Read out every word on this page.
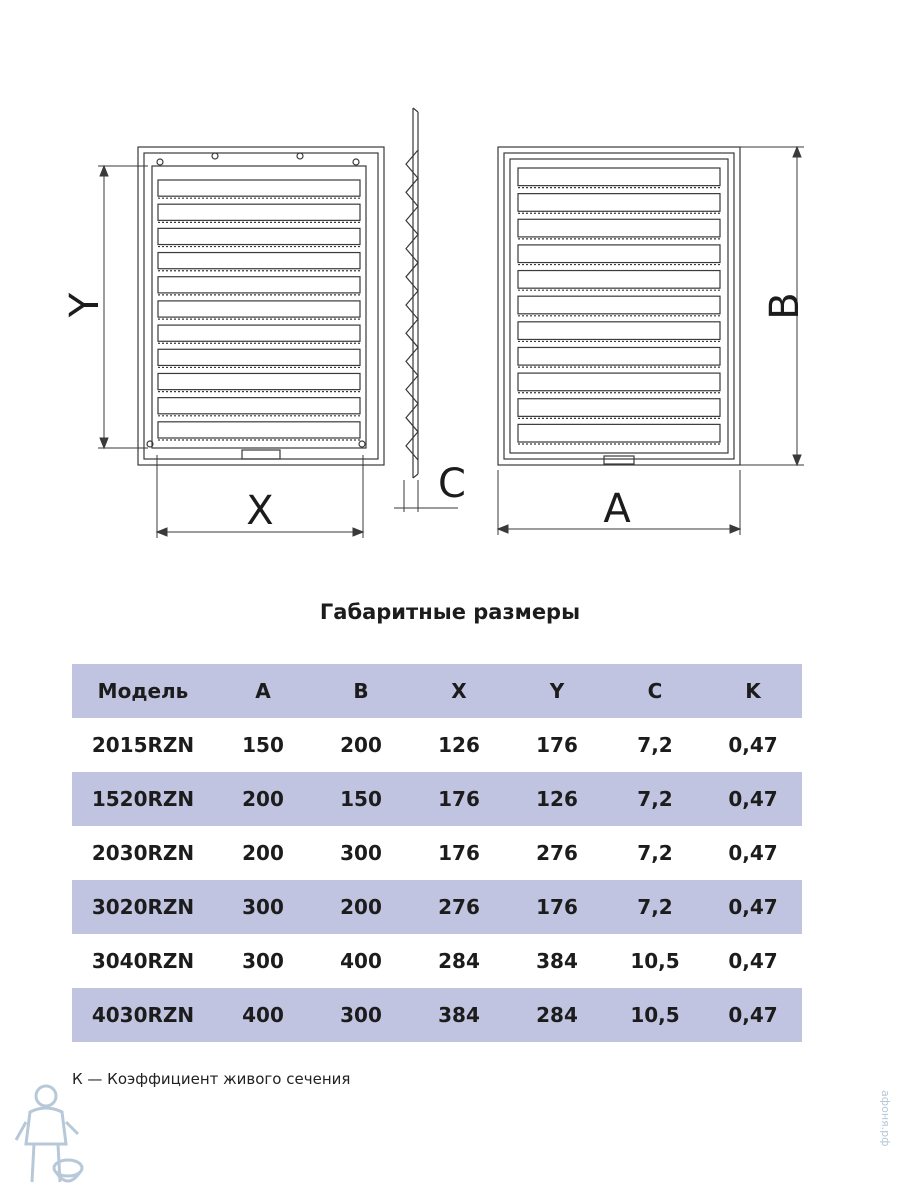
Y
X
C
B
A
Габаритные размеры
Модель	A	B	X	Y	C	K
2015RZN	150	200	126	176	7,2	0,47
1520RZN	200	150	176	126	7,2	0,47
2030RZN	200	300	176	276	7,2	0,47
3020RZN	300	200	276	176	7,2	0,47
3040RZN	300	400	284	384	10,5	0,47
4030RZN	400	300	384	284	10,5	0,47
К — Коэффициент живого сечения
афоня.рф
